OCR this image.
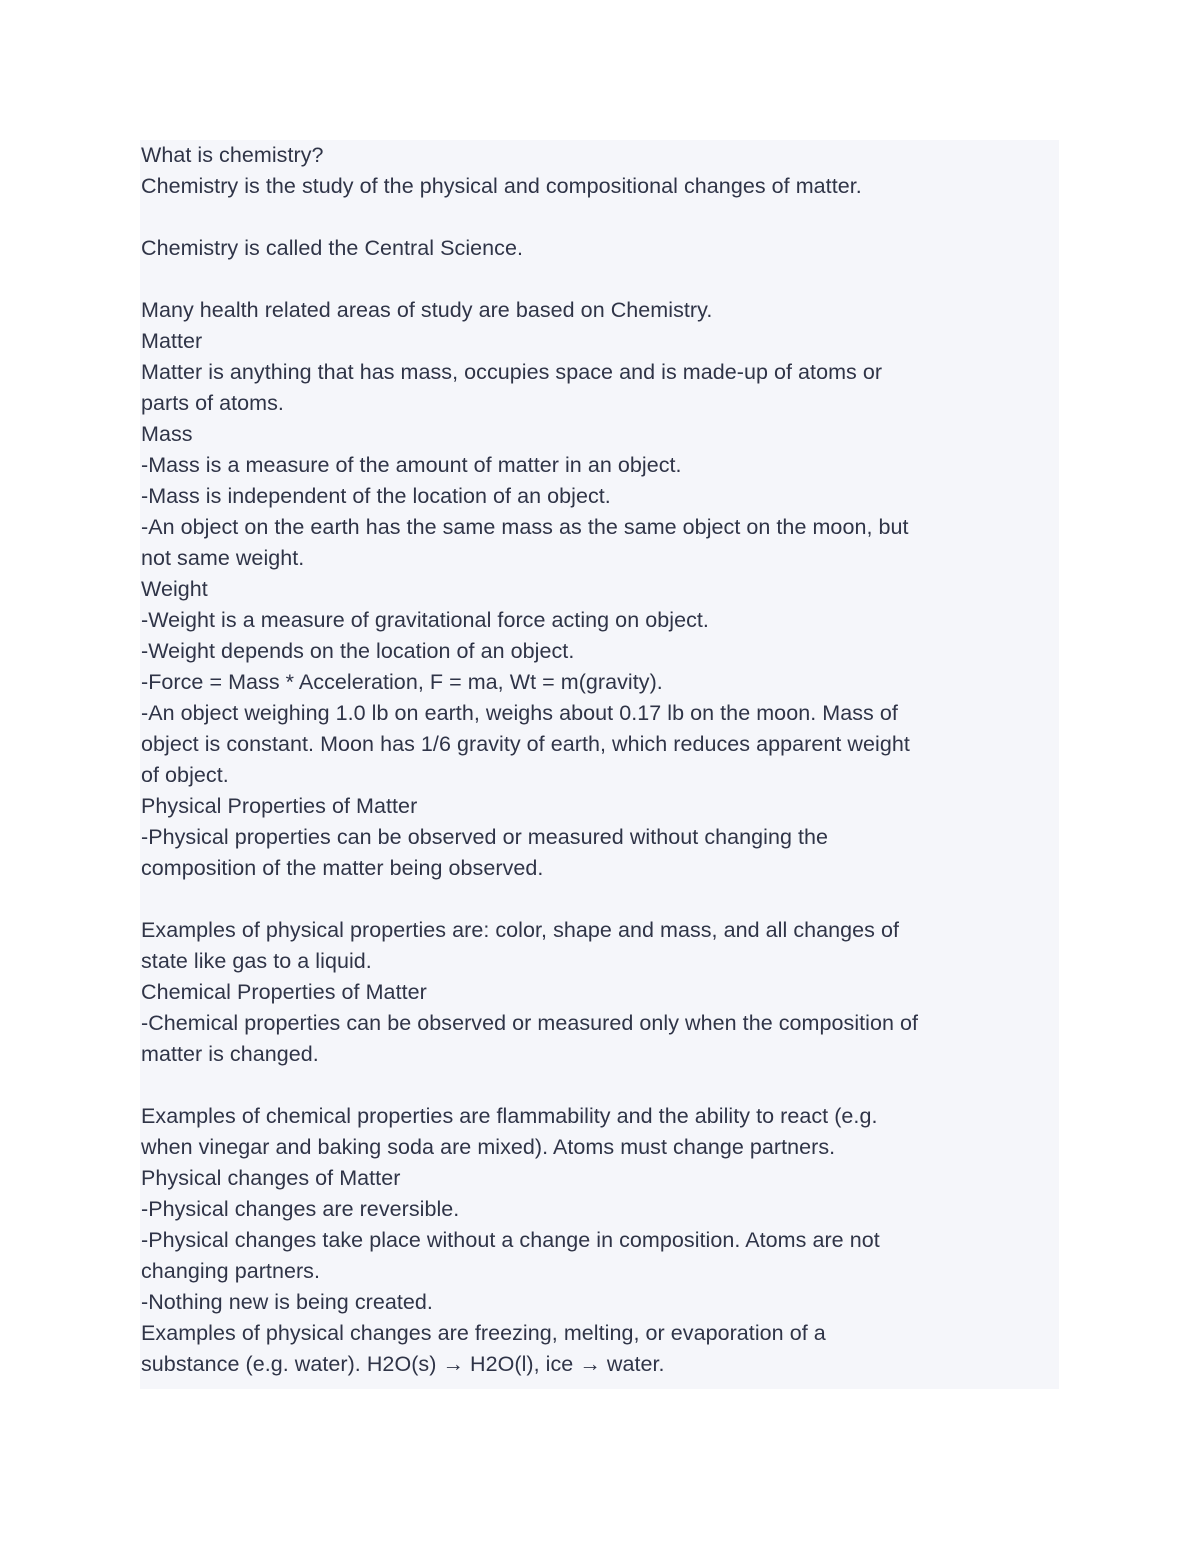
What is chemistry?
Chemistry is the study of the physical and compositional changes of matter.
Chemistry is called the Central Science.
Many health related areas of study are based on Chemistry.
Matter
Matter is anything that has mass, occupies space and is made-up of atoms or
parts of atoms.
Mass
-Mass is a measure of the amount of matter in an object.
-Mass is independent of the location of an object.
-An object on the earth has the same mass as the same object on the moon, but
not same weight.
Weight
-Weight is a measure of gravitational force acting on object.
-Weight depends on the location of an object.
-Force = Mass * Acceleration, F = ma, Wt = m(gravity).
-An object weighing 1.0 lb on earth, weighs about 0.17 lb on the moon. Mass of
object is constant. Moon has 1/6 gravity of earth, which reduces apparent weight
of object.
Physical Properties of Matter
-Physical properties can be observed or measured without changing the
composition of the matter being observed.
Examples of physical properties are: color, shape and mass, and all changes of
state like gas to a liquid.
Chemical Properties of Matter
-Chemical properties can be observed or measured only when the composition of
matter is changed.
Examples of chemical properties are flammability and the ability to react (e.g.
when vinegar and baking soda are mixed). Atoms must change partners.
Physical changes of Matter
-Physical changes are reversible.
-Physical changes take place without a change in composition. Atoms are not
changing partners.
-Nothing new is being created.
Examples of physical changes are freezing, melting, or evaporation of a
substance (e.g. water). H2O(s) → H2O(l), ice → water.
